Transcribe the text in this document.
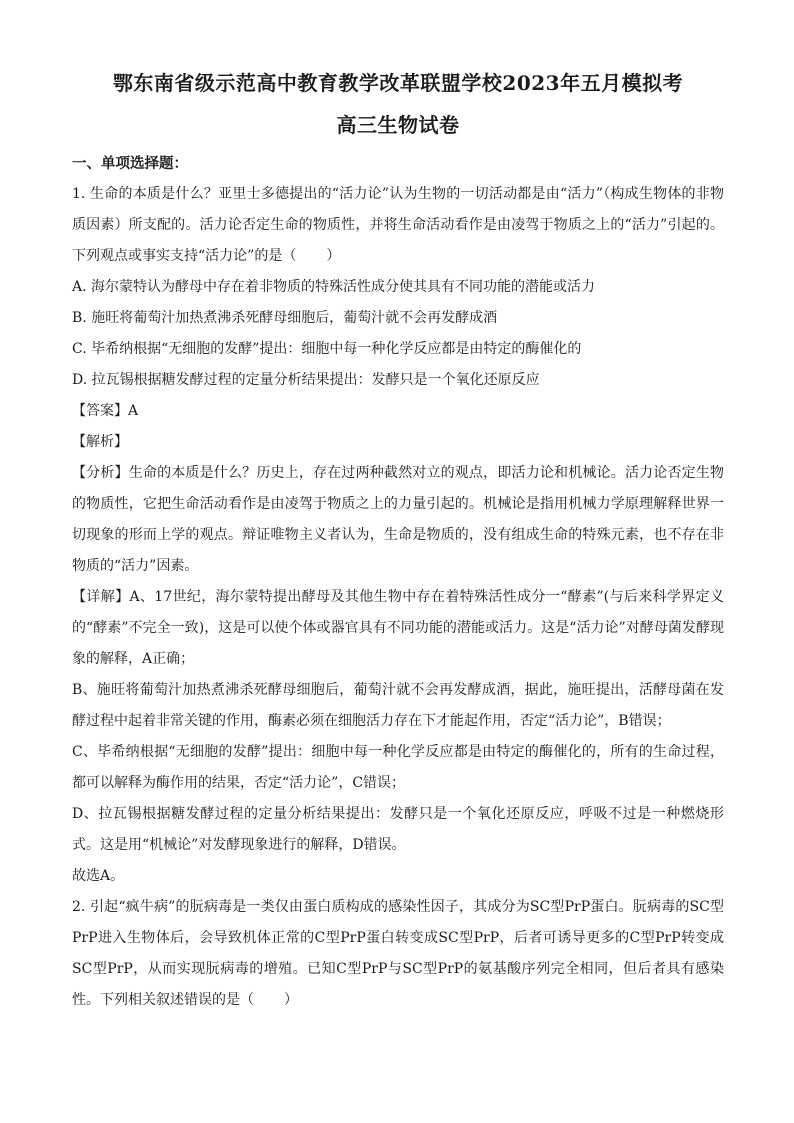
鄂东南省级示范高中教育教学改革联盟学校2023年五月模拟考
高三生物试卷
一、单项选择题：

1. 生命的本质是什么？亚里士多德提出的“活力论”认为生物的一切活动都是由“活力”（构成生物体的非物质因素）所支配的。活力论否定生命的物质性，并将生命活动看作是由凌驾于物质之上的“活力”引起的。下列观点或事实支持“活力论”的是（ ）

A. 海尔蒙特认为酵母中存在着非物质的特殊活性成分使其具有不同功能的潜能或活力
B. 施旺将葡萄汁加热煮沸杀死酵母细胞后，葡萄汁就不会再发酵成酒
C. 毕希纳根据“无细胞的发酵”提出：细胞中每一种化学反应都是由特定的酶催化的
D. 拉瓦锡根据糖发酵过程的定量分析结果提出：发酵只是一个氧化还原反应
【答案】A
【解析】

【分析】生命的本质是什么？历史上，存在过两种截然对立的观点，即活力论和机械论。活力论否定生物的物质性，它把生命活动看作是由凌驾于物质之上的力量引起的。机械论是指用机械力学原理解释世界一切现象的形而上学的观点。辩证唯物主义者认为，生命是物质的，没有组成生命的特殊元素，也不存在非物质的“活力”因素。

【详解】A、17世纪，海尔蒙特提出酵母及其他生物中存在着特殊活性成分一“酵素”(与后来科学界定义的“酵素”不完全一致)，这是可以使个体或器官具有不同功能的潜能或活力。这是“活力论”对酵母菌发酵现象的解释，A正确；

B、施旺将葡萄汁加热煮沸杀死酵母细胞后，葡萄汁就不会再发酵成酒，据此，施旺提出，活酵母菌在发酵过程中起着非常关键的作用，酶素必须在细胞活力存在下才能起作用，否定“活力论”，B错误；

C、毕希纳根据“无细胞的发酵”提出：细胞中每一种化学反应都是由特定的酶催化的，所有的生命过程，都可以解释为酶作用的结果，否定“活力论”，C错误；

D、拉瓦锡根据糖发酵过程的定量分析结果提出：发酵只是一个氧化还原反应，呼吸不过是一种燃烧形式。这是用“机械论”对发酵现象进行的解释，D错误。

故选A。

2. 引起“疯牛病”的朊病毒是一类仅由蛋白质构成的感染性因子，其成分为SC型PrP蛋白。朊病毒的SC型PrP进入生物体后，会导致机体正常的C型PrP蛋白转变成SC型PrP，后者可诱导更多的C型PrP转变成SC型PrP，从而实现朊病毒的增殖。已知C型PrP与SC型PrP的氨基酸序列完全相同，但后者具有感染性。下列相关叙述错误的是（ ）
